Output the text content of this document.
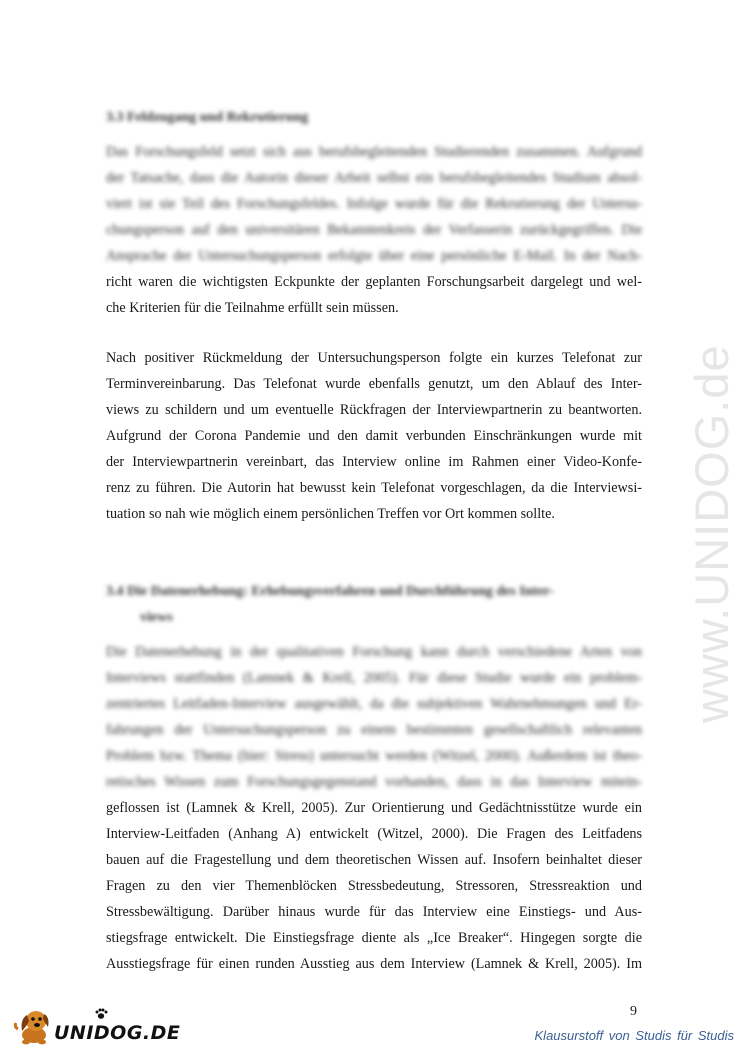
www.UNIDOG.de
3.3 Feldzugang und Rekrutierung
Das Forschungsfeld setzt sich aus berufsbegleitenden Studierenden zusammen. Aufgrund
der Tatsache, dass die Autorin dieser Arbeit selbst ein berufsbegleitendes Studium absol-
viert ist sie Teil des Forschungsfeldes. Infolge wurde für die Rekrutierung der Untersu-
chungsperson auf den universitären Bekanntenkreis der Verfasserin zurückgegriffen. Die
Ansprache der Untersuchungsperson erfolgte über eine persönliche E-Mail. In der Nach-
richt waren die wichtigsten Eckpunkte der geplanten Forschungsarbeit dargelegt und wel-
che Kriterien für die Teilnahme erfüllt sein müssen.
Nach positiver Rückmeldung der Untersuchungsperson folgte ein kurzes Telefonat zur
Terminvereinbarung. Das Telefonat wurde ebenfalls genutzt, um den Ablauf des Inter-
views zu schildern und um eventuelle Rückfragen der Interviewpartnerin zu beantworten.
Aufgrund der Corona Pandemie und den damit verbunden Einschränkungen wurde mit
der Interviewpartnerin vereinbart, das Interview online im Rahmen einer Video-Konfe-
renz zu führen. Die Autorin hat bewusst kein Telefonat vorgeschlagen, da die Interviewsi-
tuation so nah wie möglich einem persönlichen Treffen vor Ort kommen sollte.
3.4 Die Datenerhebung: Erhebungsverfahren und Durchführung des Inter-
views
Die Datenerhebung in der qualitativen Forschung kann durch verschiedene Arten von
Interviews stattfinden (Lamnek & Krell, 2005). Für diese Studie wurde ein problem-
zentriertes Leitfaden-Interview ausgewählt, da die subjektiven Wahrnehmungen und Er-
fahrungen der Untersuchungsperson zu einem bestimmten gesellschaftlich relevanten
Problem bzw. Thema (hier: Stress) untersucht werden (Witzel, 2000). Außerdem ist theo-
retisches Wissen zum Forschungsgegenstand vorhanden, dass in das Interview mitein-
geflossen ist (Lamnek & Krell, 2005). Zur Orientierung und Gedächtnisstütze wurde ein
Interview-Leitfaden (Anhang A) entwickelt (Witzel, 2000). Die Fragen des Leitfadens
bauen auf die Fragestellung und dem theoretischen Wissen auf. Insofern beinhaltet dieser
Fragen zu den vier Themenblöcken Stressbedeutung, Stressoren, Stressreaktion und
Stressbewältigung. Darüber hinaus wurde für das Interview eine Einstiegs- und Aus-
stiegsfrage entwickelt. Die Einstiegsfrage diente als „Ice Breaker“. Hingegen sorgte die
Ausstiegsfrage für einen runden Ausstieg aus dem Interview (Lamnek & Krell, 2005). Im
9
UNIDOG.DE	Klausurstoff von Studis für Studis
